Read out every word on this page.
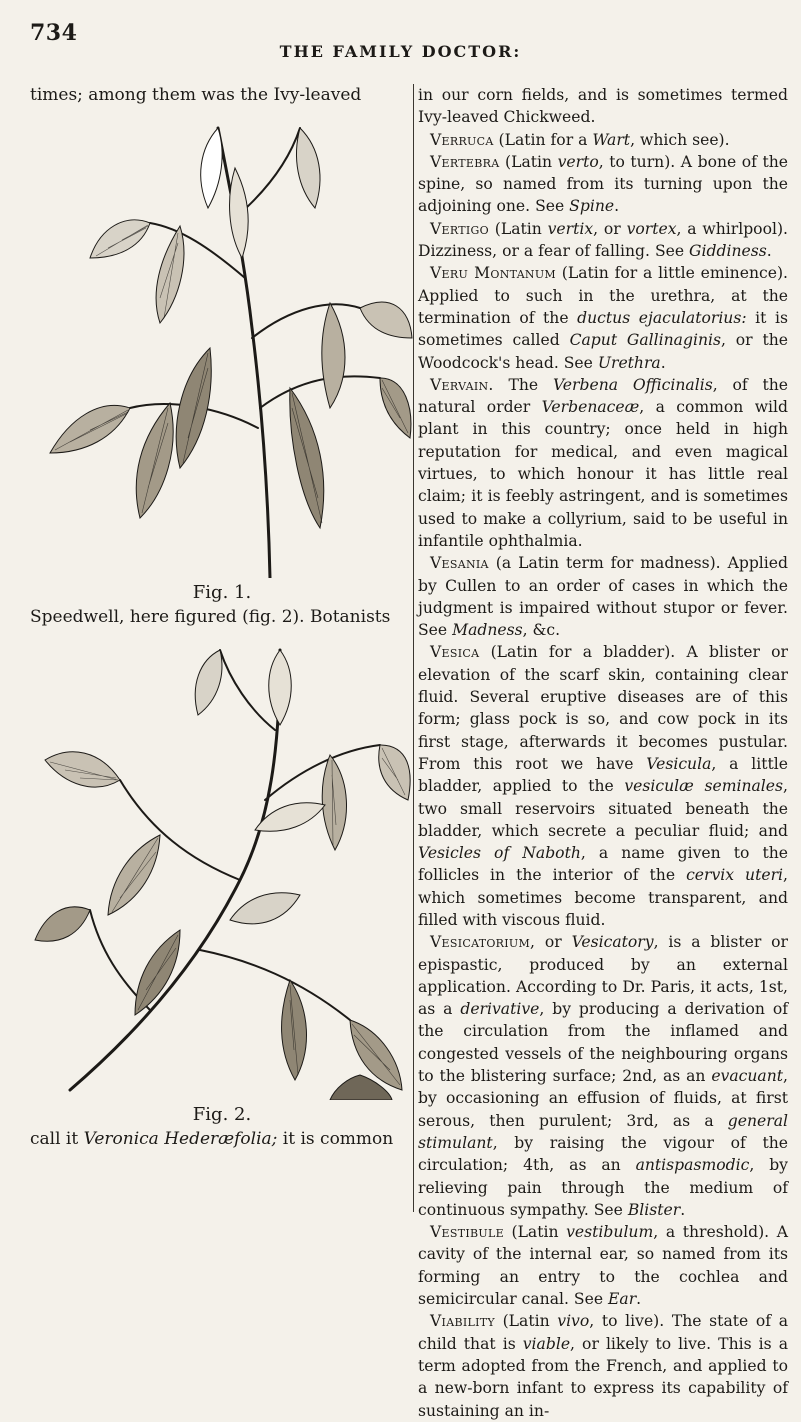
734
THE FAMILY DOCTOR:
times; among them was the Ivy-leaved
Fig. 1.
Speedwell, here figured (fig. 2). Botanists
Fig. 2.
call it Veronica Hederæfolia; it is common

in our corn fields, and is sometimes termed Ivy-leaved Chickweed.

Verruca (Latin for a Wart, which see).

Vertebra (Latin verto, to turn). A bone of the spine, so named from its turning upon the adjoining one. See Spine.

Vertigo (Latin vertix, or vortex, a whirlpool). Dizziness, or a fear of falling. See Giddiness.

Veru Montanum (Latin for a little eminence). Applied to such in the urethra, at the termination of the ductus ejaculatorius: it is sometimes called Caput Gallinaginis, or the Woodcock's head. See Urethra.

Vervain. The Verbena Officinalis, of the natural order Verbenaceæ, a common wild plant in this country; once held in high reputation for medical, and even magical virtues, to which honour it has little real claim; it is feebly astringent, and is sometimes used to make a collyrium, said to be useful in infantile ophthalmia.

Vesania (a Latin term for madness). Applied by Cullen to an order of cases in which the judgment is impaired without stupor or fever. See Madness, &c.

Vesica (Latin for a bladder). A blister or elevation of the scarf skin, containing clear fluid. Several eruptive diseases are of this form; glass pock is so, and cow pock in its first stage, afterwards it becomes pustular. From this root we have Vesicula, a little bladder, applied to the vesiculæ seminales, two small reservoirs situated beneath the bladder, which secrete a peculiar fluid; and Vesicles of Naboth, a name given to the follicles in the interior of the cervix uteri, which sometimes become transparent, and filled with viscous fluid.

Vesicatorium, or Vesicatory, is a blister or epispastic, produced by an external application. According to Dr. Paris, it acts, 1st, as a derivative, by producing a derivation of the circulation from the inflamed and congested vessels of the neighbouring organs to the blistering surface; 2nd, as an evacuant, by occasioning an effusion of fluids, at first serous, then purulent; 3rd, as a general stimulant, by raising the vigour of the circulation; 4th, as an antispasmodic, by relieving pain through the medium of continuous sympathy. See Blister.

Vestibule (Latin vestibulum, a threshold). A cavity of the internal ear, so named from its forming an entry to the cochlea and semicircular canal. See Ear.

Viability (Latin vivo, to live). The state of a child that is viable, or likely to live. This is a term adopted from the French, and applied to a new-born infant to express its capability of sustaining an in-
